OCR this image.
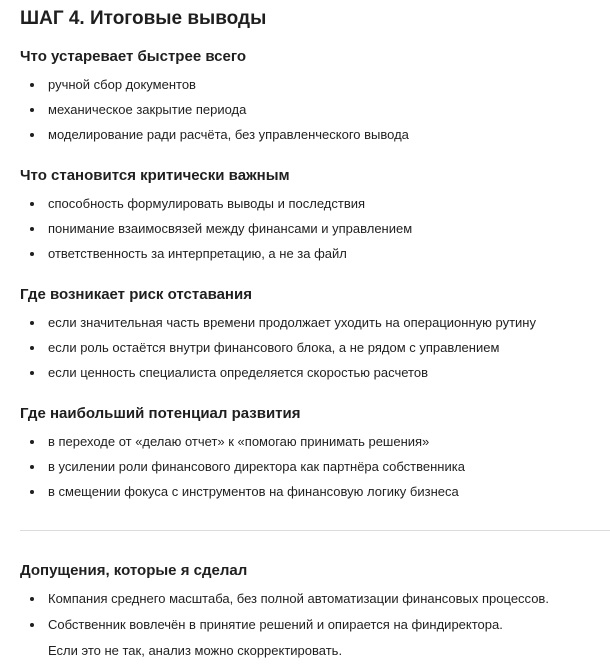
ШАГ 4. Итоговые выводы
Что устаревает быстрее всего
ручной сбор документов
механическое закрытие периода
моделирование ради расчёта, без управленческого вывода
Что становится критически важным
способность формулировать выводы и последствия
понимание взаимосвязей между финансами и управлением
ответственность за интерпретацию, а не за файл
Где возникает риск отставания
если значительная часть времени продолжает уходить на операционную рутину
если роль остаётся внутри финансового блока, а не рядом с управлением
если ценность специалиста определяется скоростью расчетов
Где наибольший потенциал развития
в переходе от «делаю отчет» к «помогаю принимать решения»
в усилении роли финансового директора как партнёра собственника
в смещении фокуса с инструментов на финансовую логику бизнеса
Допущения, которые я сделал
Компания среднего масштаба, без полной автоматизации финансовых процессов.
Собственник вовлечён в принятие решений и опирается на финдиректора.
Если это не так, анализ можно скорректировать.
